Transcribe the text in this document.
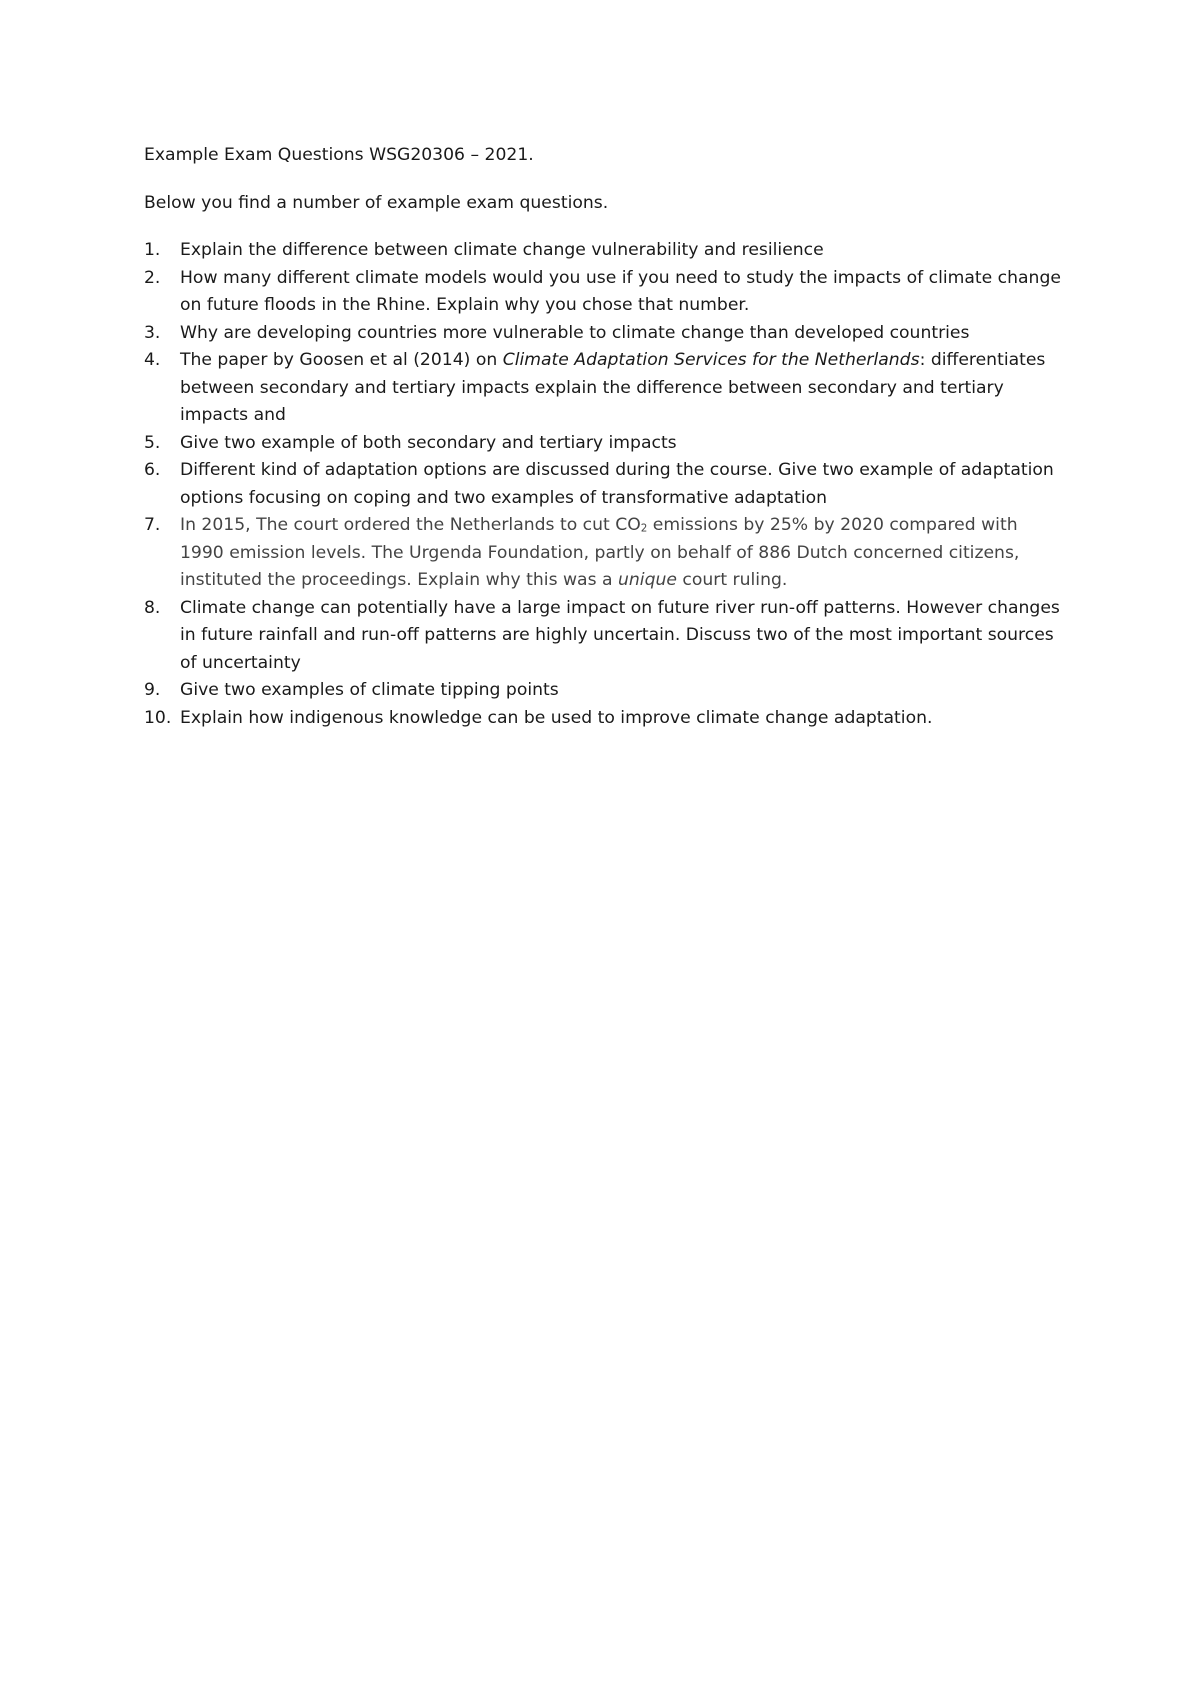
Example Exam Questions WSG20306 – 2021.

Below you find a number of example exam questions.

1. Explain the difference between climate change vulnerability and resilience
2. How many different climate models would you use if you need to study the impacts of climate change on future floods in the Rhine. Explain why you chose that number.
3. Why are developing countries more vulnerable to climate change than developed countries
4. The paper by Goosen et al (2014) on Climate Adaptation Services for the Netherlands: differentiates between secondary and tertiary impacts explain the difference between secondary and tertiary impacts and
5. Give two example of both secondary and tertiary impacts
6. Different kind of adaptation options are discussed during the course. Give two example of adaptation options focusing on coping and two examples of transformative adaptation
7. In 2015, The court ordered the Netherlands to cut $CO_2$ emissions by 25% by 2020 compared with 1990 emission levels. The Urgenda Foundation, partly on behalf of 886 Dutch concerned citizens, instituted the proceedings. Explain why this was a unique court ruling.
8. Climate change can potentially have a large impact on future river run-off patterns. However changes in future rainfall and run-off patterns are highly uncertain. Discuss two of the most important sources of uncertainty
9. Give two examples of climate tipping points
10. Explain how indigenous knowledge can be used to improve climate change adaptation.
